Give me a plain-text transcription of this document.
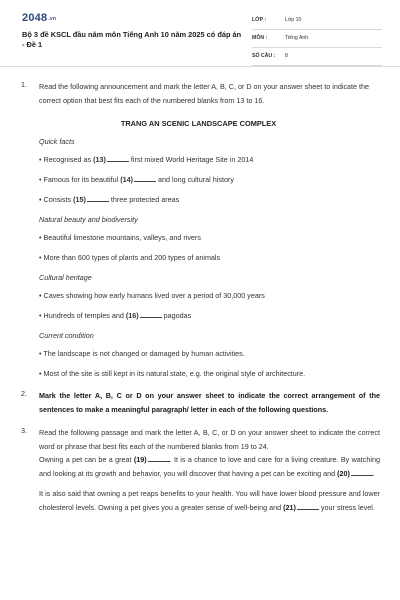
2048.vn
Bộ 3 đề KSCL đầu năm môn Tiếng Anh 10 năm 2025 có đáp án - Đề 1
LỚP :	Lớp 10
MÔN :	Tiếng Anh
SỐ CÂU : 8
1. Read the following announcement and mark the letter A, B, C, or D on your answer sheet to indicate the correct option that best fits each of the numbered blanks from 13 to 16.

TRANG AN SCENIC LANDSCAPE COMPLEX
Quick facts
• Recognised as (13)	first mixed World Heritage Site in 2014
• Famous for its beautiful (14)	and long cultural history
• Consists (15)	three protected areas
Natural beauty and biodiversity
• Beautiful limestone mountains, valleys, and rivers
• More than 600 types of plants and 200 types of animals
Cultural heritage
• Caves showing how early humans lived over a period of 30,000 years
• Hundreds of temples and (16)	pagodas
Current condition
• The landscape is not changed or damaged by human activities.
• Most of the site is still kept in its natural state, e.g. the original style of architecture.
2. Mark the letter A, B, C or D on your answer sheet to indicate the correct arrangement of the sentences to make a meaningful paragraph/ letter in each of the following questions.

3. Read the following passage and mark the letter A, B, C, or D on your answer sheet to indicate the correct word or phrase that best fits each of the numbered blanks from 19 to 24.

Owning a pet can be a great (19)	. It is a chance to love and care for a living creature. By watching and looking at its growth and behavior, you will discover that having a pet can be exciting and (20)	.

It is also said that owning a pet reaps benefits to your health. You will have lower blood pressure and lower cholesterol levels. Owning a pet gives you a greater sense of well-being and (21)	your stress level.
